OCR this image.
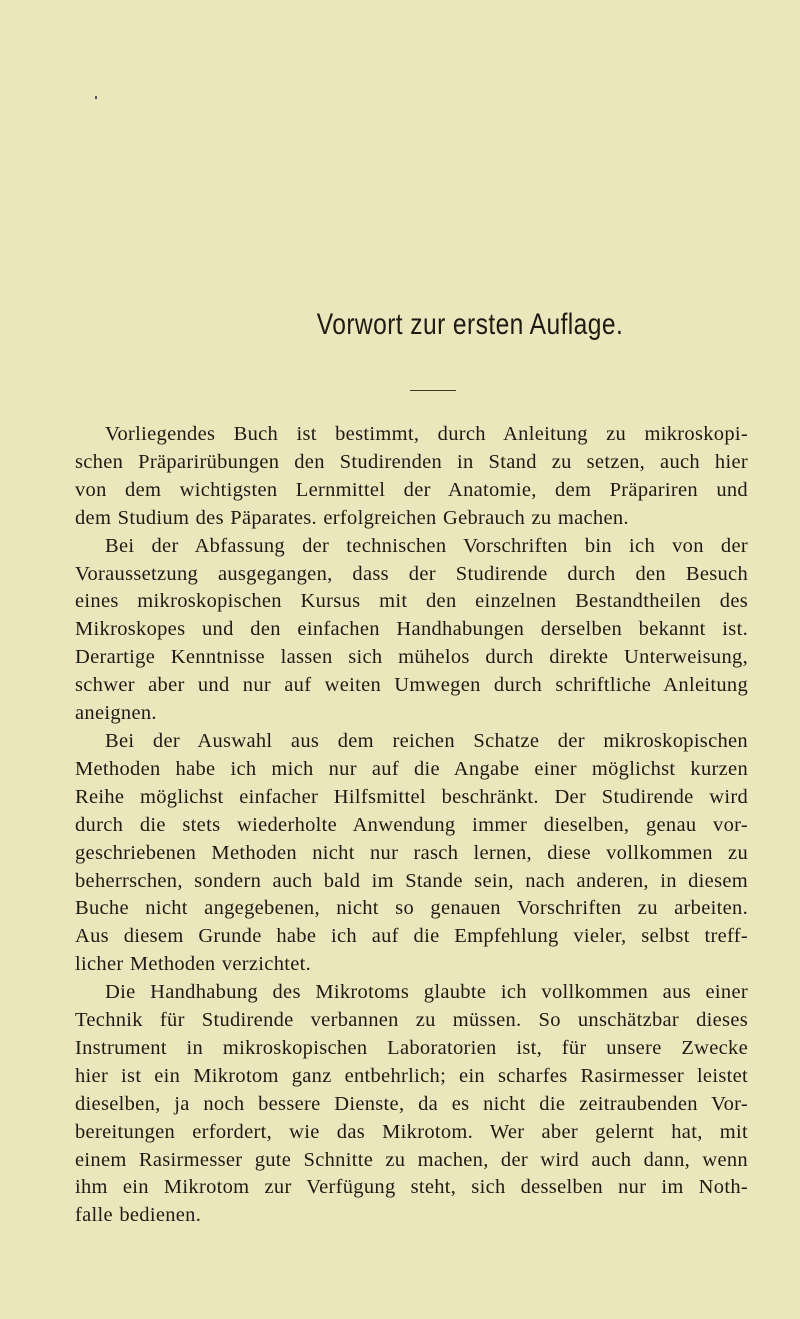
Vorwort zur ersten Auflage.
Vorliegendes Buch ist bestimmt, durch Anleitung zu mikroskopi-
schen Präparirübungen den Studirenden in Stand zu setzen, auch hier
von dem wichtigsten Lernmittel der Anatomie, dem Präpariren und
dem Studium des Päparates. erfolgreichen Gebrauch zu machen.
Bei der Abfassung der technischen Vorschriften bin ich von der
Voraussetzung ausgegangen, dass der Studirende durch den Besuch
eines mikroskopischen Kursus mit den einzelnen Bestandtheilen des
Mikroskopes und den einfachen Handhabungen derselben bekannt ist.
Derartige Kenntnisse lassen sich mühelos durch direkte Unterweisung,
schwer aber und nur auf weiten Umwegen durch schriftliche Anleitung
aneignen.
Bei der Auswahl aus dem reichen Schatze der mikroskopischen
Methoden habe ich mich nur auf die Angabe einer möglichst kurzen
Reihe möglichst einfacher Hilfsmittel beschränkt. Der Studirende wird
durch die stets wiederholte Anwendung immer dieselben, genau vor-
geschriebenen Methoden nicht nur rasch lernen, diese vollkommen zu
beherrschen, sondern auch bald im Stande sein, nach anderen, in diesem
Buche nicht angegebenen, nicht so genauen Vorschriften zu arbeiten.
Aus diesem Grunde habe ich auf die Empfehlung vieler, selbst treff-
licher Methoden verzichtet.
Die Handhabung des Mikrotoms glaubte ich vollkommen aus einer
Technik für Studirende verbannen zu müssen. So unschätzbar dieses
Instrument in mikroskopischen Laboratorien ist, für unsere Zwecke
hier ist ein Mikrotom ganz entbehrlich; ein scharfes Rasirmesser leistet
dieselben, ja noch bessere Dienste, da es nicht die zeitraubenden Vor-
bereitungen erfordert, wie das Mikrotom. Wer aber gelernt hat, mit
einem Rasirmesser gute Schnitte zu machen, der wird auch dann, wenn
ihm ein Mikrotom zur Verfügung steht, sich desselben nur im Noth-
falle bedienen.
